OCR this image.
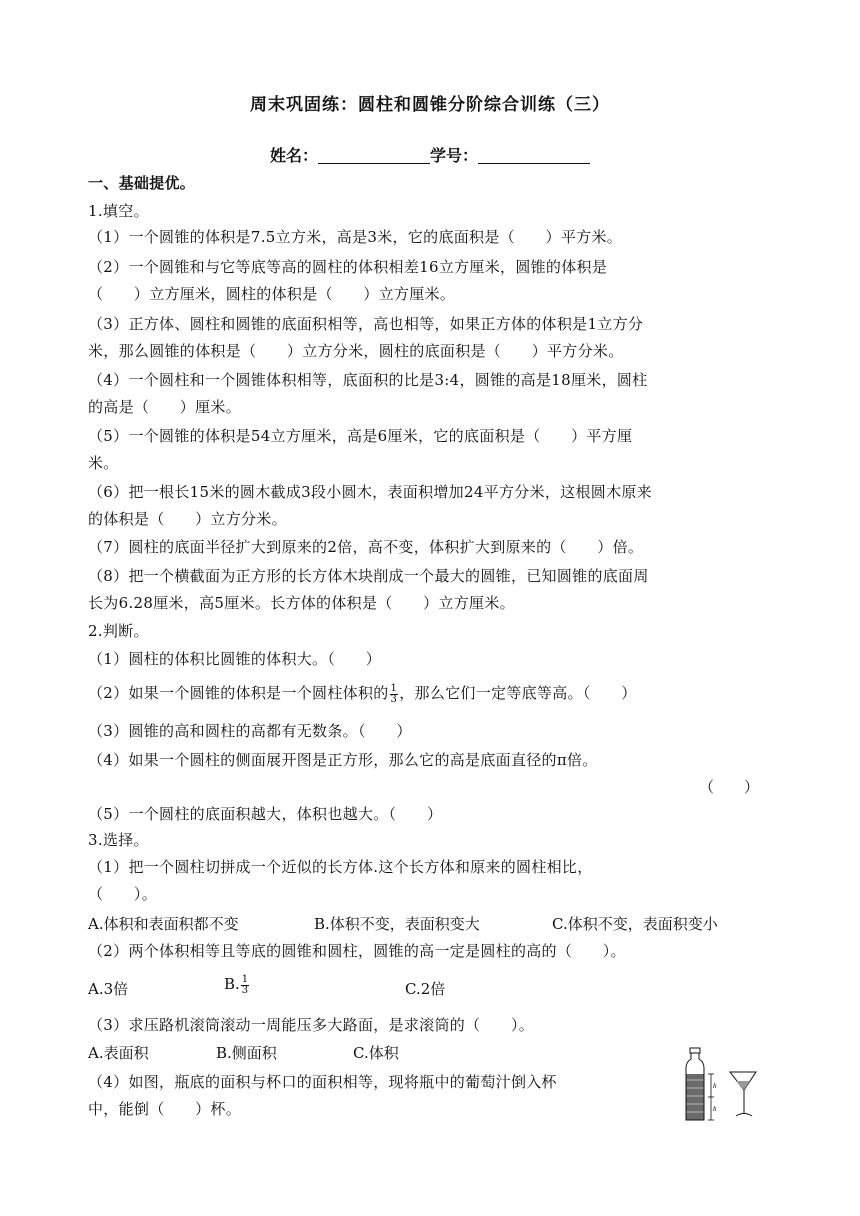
周末巩固练：圆柱和圆锥分阶综合训练（三）
姓名：	学号：
一、基础提优。
1.填空。
（1）一个圆锥的体积是7.5立方米，高是3米，它的底面积是（　　）平方米。
（2）一个圆锥和与它等底等高的圆柱的体积相差16立方厘米，圆锥的体积是
（　　）立方厘米，圆柱的体积是（　　）立方厘米。
（3）正方体、圆柱和圆锥的底面积相等，高也相等，如果正方体的体积是1立方分
米，那么圆锥的体积是（　　）立方分米，圆柱的底面积是（　　）平方分米。
（4）一个圆柱和一个圆锥体积相等，底面积的比是3:4，圆锥的高是18厘米，圆柱
的高是（　　）厘米。
（5）一个圆锥的体积是54立方厘米，高是6厘米，它的底面积是（　　）平方厘
米。
（6）把一根长15米的圆木截成3段小圆木，表面积增加24平方分米，这根圆木原来
的体积是（　　）立方分米。
（7）圆柱的底面半径扩大到原来的2倍，高不变，体积扩大到原来的（　　）倍。
（8）把一个横截面为正方形的长方体木块削成一个最大的圆锥，已知圆锥的底面周
长为6.28厘米，高5厘米。长方体的体积是（　　）立方厘米。
2.判断。
（1）圆柱的体积比圆锥的体积大。（　　）
（2）如果一个圆锥的体积是一个圆柱体积的 $\frac{1}{3}$ ，那么它们一定等底等高。（　　）
（3）圆锥的高和圆柱的高都有无数条。（　　）
（4）如果一个圆柱的侧面展开图是正方形，那么它的高是底面直径的π倍。
（　　）
（5）一个圆柱的底面积越大，体积也越大。（　　）
3.选择。
（1）把一个圆柱切拼成一个近似的长方体.这个长方体和原来的圆柱相比，
（　　）。
A.体积和表面积都不变	B.体积不变，表面积变大	C.体积不变，表面积变小
（2）两个体积相等且等底的圆锥和圆柱，圆锥的高一定是圆柱的高的（　　）。
A.3倍	B. $\frac{1}{3}$	C.2倍
（3）求压路机滚筒滚动一周能压多大路面，是求滚筒的（　　）。
A.表面积	B.侧面积	C.体积
（4）如图，瓶底的面积与杯口的面积相等，现将瓶中的葡萄汁倒入杯
中，能倒（　　）杯。
h
h
